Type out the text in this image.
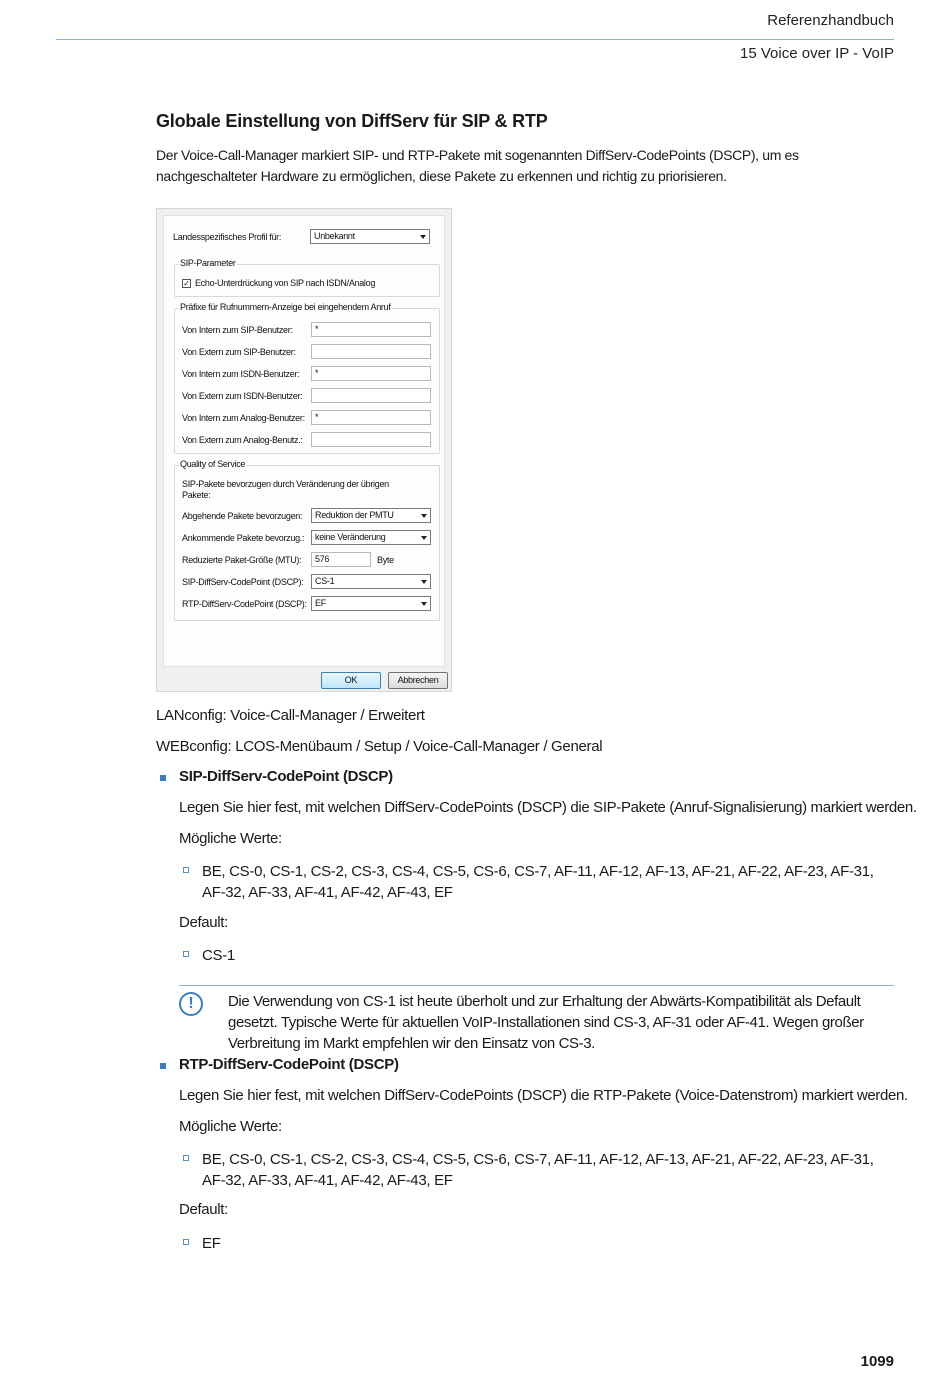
Referenzhandbuch
15 Voice over IP - VoIP
Globale Einstellung von DiffServ für SIP & RTP

Der Voice-Call-Manager markiert SIP- und RTP-Pakete mit sogenannten DiffServ-CodePoints (DSCP), um es nachgeschalteter Hardware zu ermöglichen, diese Pakete zu erkennen und richtig zu priorisieren.

Landesspezifisches Profil für:	Unbekannt
SIP-Parameter
✓ Echo-Unterdrückung von SIP nach ISDN/Analog
Präfixe für Rufnummern-Anzeige bei eingehendem Anruf
Von Intern zum SIP-Benutzer:	*
Von Extern zum SIP-Benutzer:
Von Intern zum ISDN-Benutzer:	*
Von Extern zum ISDN-Benutzer:
Von Intern zum Analog-Benutzer:	*
Von Extern zum Analog-Benutz.:
Quality of Service
SIP-Pakete bevorzugen durch Veränderung der übrigen Pakete:
Abgehende Pakete bevorzugen:	Reduktion der PMTU
Ankommende Pakete bevorzug.:	keine Veränderung
Reduzierte Paket-Größe (MTU):	576	Byte
SIP-DiffServ-CodePoint (DSCP):	CS-1
RTP-DiffServ-CodePoint (DSCP): EF
OK	Abbrechen
LANconfig: Voice-Call-Manager / Erweitert
WEBconfig: LCOS-Menübaum / Setup / Voice-Call-Manager / General
SIP-DiffServ-CodePoint (DSCP)
Legen Sie hier fest, mit welchen DiffServ-CodePoints (DSCP) die SIP-Pakete (Anruf-Signalisierung) markiert werden.
Mögliche Werte:
BE, CS-0, CS-1, CS-2, CS-3, CS-4, CS-5, CS-6, CS-7, AF-11, AF-12, AF-13, AF-21, AF-22, AF-23, AF-31, AF-32, AF-33, AF-41, AF-42, AF-43, EF
Default:
CS-1
!	Die Verwendung von CS-1 ist heute überholt und zur Erhaltung der Abwärts-Kompatibilität als Default gesetzt. Typische Werte für aktuellen VoIP-Installationen sind CS-3, AF-31 oder AF-41. Wegen großer Verbreitung im Markt empfehlen wir den Einsatz von CS-3.
RTP-DiffServ-CodePoint (DSCP)
Legen Sie hier fest, mit welchen DiffServ-CodePoints (DSCP) die RTP-Pakete (Voice-Datenstrom) markiert werden.
Mögliche Werte:
BE, CS-0, CS-1, CS-2, CS-3, CS-4, CS-5, CS-6, CS-7, AF-11, AF-12, AF-13, AF-21, AF-22, AF-23, AF-31, AF-32, AF-33, AF-41, AF-42, AF-43, EF
Default:
EF
1099
